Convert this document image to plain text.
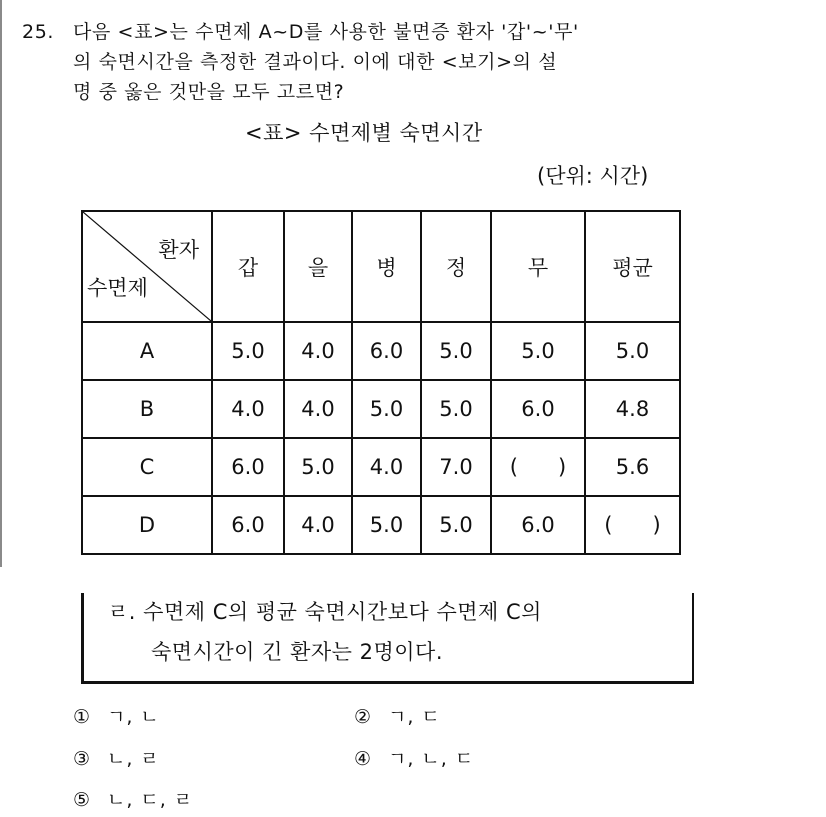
25. 다음 <표>는 수면제 A~D를 사용한 불면증 환자 '갑'~'무'
의 숙면시간을 측정한 결과이다. 이에 대한 <보기>의 설
명 중 옳은 것만을 모두 고르면?
<표> 수면제별 숙면시간
(단위: 시간)
환자
수면제	갑	을	병	정	무	평균
A	5.0	4.0	6.0	5.0	5.0	5.0
B	4.0	4.0	5.0	5.0	6.0	4.8
C	6.0	5.0	4.0	7.0	(      )	5.6
D	6.0	4.0	5.0	5.0	6.0	(      )
ㄹ. 수면제 C의 평균 숙면시간보다 수면제 C의
숙면시간이 긴 환자는 2명이다.
① ㄱ, ㄴ	② ㄱ, ㄷ
③ ㄴ, ㄹ	④ ㄱ, ㄴ, ㄷ
⑤ ㄴ, ㄷ, ㄹ
